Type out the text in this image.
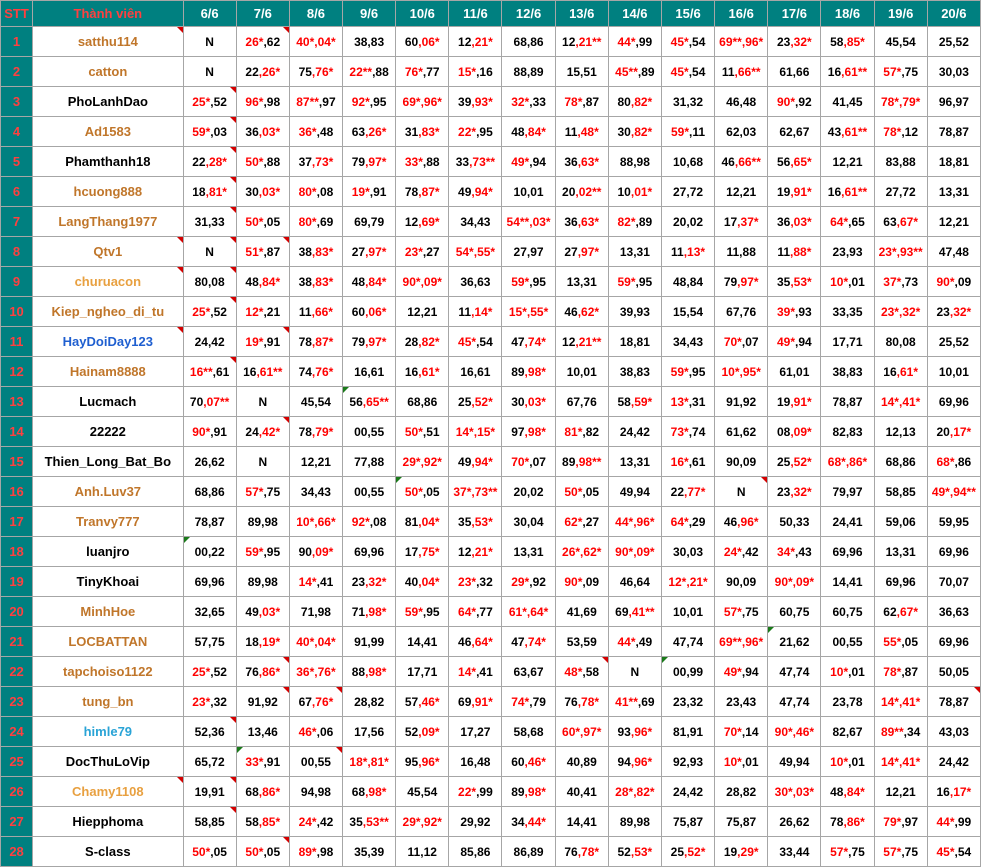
STT	Thành viên	6/6	7/6	8/6	9/6	10/6	11/6	12/6	13/6	14/6	15/6	16/6	17/6	18/6	19/6	20/6
1	satthu114	N	26*,62	40*,04*	38,83	60,06*	12,21*	68,86	12,21**	44*,99	45*,54	69**,96*	23,32*	58,85*	45,54	25,52
2	catton	N	22,26*	75,76*	22**,88	76*,77	15*,16	88,89	15,51	45**,89	45*,54	11,66**	61,66	16,61**	57*,75	30,03
3	PhoLanhDao	25*,52	96*,98	87**,97	92*,95	69*,96*	39,93*	32*,33	78*,87	80,82*	31,32	46,48	90*,92	41,45	78*,79*	96,97
4	Ad1583	59*,03	36,03*	36*,48	63,26*	31,83*	22*,95	48,84*	11,48*	30,82*	59*,11	62,03	62,67	43,61**	78*,12	78,87
5	Phamthanh18	22,28*	50*,88	37,73*	79,97*	33*,88	33,73**	49*,94	36,63*	88,98	10,68	46,66**	56,65*	12,21	83,88	18,81
6	hcuong888	18,81*	30,03*	80*,08	19*,91	78,87*	49,94*	10,01	20,02**	10,01*	27,72	12,21	19,91*	16,61**	27,72	13,31
7	LangThang1977	31,33	50*,05	80*,69	69,79	12,69*	34,43	54**,03*	36,63*	82*,89	20,02	17,37*	36,03*	64*,65	63,67*	12,21
8	Qtv1	N	51*,87	38,83*	27,97*	23*,27	54*,55*	27,97	27,97*	13,31	11,13*	11,88	11,88*	23,93	23*,93**	47,48
9	churuacon	80,08	48,84*	38,83*	48,84*	90*,09*	36,63	59*,95	13,31	59*,95	48,84	79,97*	35,53*	10*,01	37*,73	90*,09
10	Kiep_ngheo_di_tu	25*,52	12*,21	11,66*	60,06*	12,21	11,14*	15*,55*	46,62*	39,93	15,54	67,76	39*,93	33,35	23*,32*	23,32*
11	HayDoiDay123	24,42	19*,91	78,87*	79,97*	28,82*	45*,54	47,74*	12,21**	18,81	34,43	70*,07	49*,94	17,71	80,08	25,52
12	Hainam8888	16**,61	16,61**	74,76*	16,61	16,61*	16,61	89,98*	10,01	38,83	59*,95	10*,95*	61,01	38,83	16,61*	10,01
13	Lucmach	70,07**	N	45,54	56,65**	68,86	25,52*	30,03*	67,76	58,59*	13*,31	91,92	19,91*	78,87	14*,41*	69,96
14	22222	90*,91	24,42*	78,79*	00,55	50*,51	14*,15*	97,98*	81*,82	24,42	73*,74	61,62	08,09*	82,83	12,13	20,17*
15	Thien_Long_Bat_Bo	26,62	N	12,21	77,88	29*,92*	49,94*	70*,07	89,98**	13,31	16*,61	90,09	25,52*	68*,86*	68,86	68*,86
16	Anh.Luv37	68,86	57*,75	34,43	00,55	50*,05	37*,73**	20,02	50*,05	49,94	22,77*	N	23,32*	79,97	58,85	49*,94**
17	Tranvy777	78,87	89,98	10*,66*	92*,08	81,04*	35,53*	30,04	62*,27	44*,96*	64*,29	46,96*	50,33	24,41	59,06	59,95
18	luanjro	00,22	59*,95	90,09*	69,96	17,75*	12,21*	13,31	26*,62*	90*,09*	30,03	24*,42	34*,43	69,96	13,31	69,96
19	TinyKhoai	69,96	89,98	14*,41	23,32*	40,04*	23*,32	29*,92	90*,09	46,64	12*,21*	90,09	90*,09*	14,41	69,96	70,07
20	MinhHoe	32,65	49,03*	71,98	71,98*	59*,95	64*,77	61*,64*	41,69	69,41**	10,01	57*,75	60,75	60,75	62,67*	36,63
21	LOCBATTAN	57,75	18,19*	40*,04*	91,99	14,41	46,64*	47,74*	53,59	44*,49	47,74	69**,96*	21,62	00,55	55*,05	69,96
22	tapchoiso1122	25*,52	76,86*	36*,76*	88,98*	17,71	14*,41	63,67	48*,58	N	00,99	49*,94	47,74	10*,01	78*,87	50,05
23	tung_bn	23*,32	91,92	67,76*	28,82	57,46*	69,91*	74*,79	76,78*	41**,69	23,32	23,43	47,74	23,78	14*,41*	78,87
24	himle79	52,36	13,46	46*,06	17,56	52,09*	17,27	58,68	60*,97*	93,96*	81,91	70*,14	90*,46*	82,67	89**,34	43,03
25	DocThuLoVip	65,72	33*,91	00,55	18*,81*	95,96*	16,48	60,46*	40,89	94,96*	92,93	10*,01	49,94	10*,01	14*,41*	24,42
26	Chamy1108	19,91	68,86*	94,98	68,98*	45,54	22*,99	89,98*	40,41	28*,82*	24,42	28,82	30*,03*	48,84*	12,21	16,17*
27	Hiepphoma	58,85	58,85*	24*,42	35,53**	29*,92*	29,92	34,44*	14,41	89,98	75,87	75,87	26,62	78,86*	79*,97	44*,99
28	S-class	50*,05	50*,05	89*,98	35,39	11,12	85,86	86,89	76,78*	52,53*	25,52*	19,29*	33,44	57*,75	57*,75	45*,54
